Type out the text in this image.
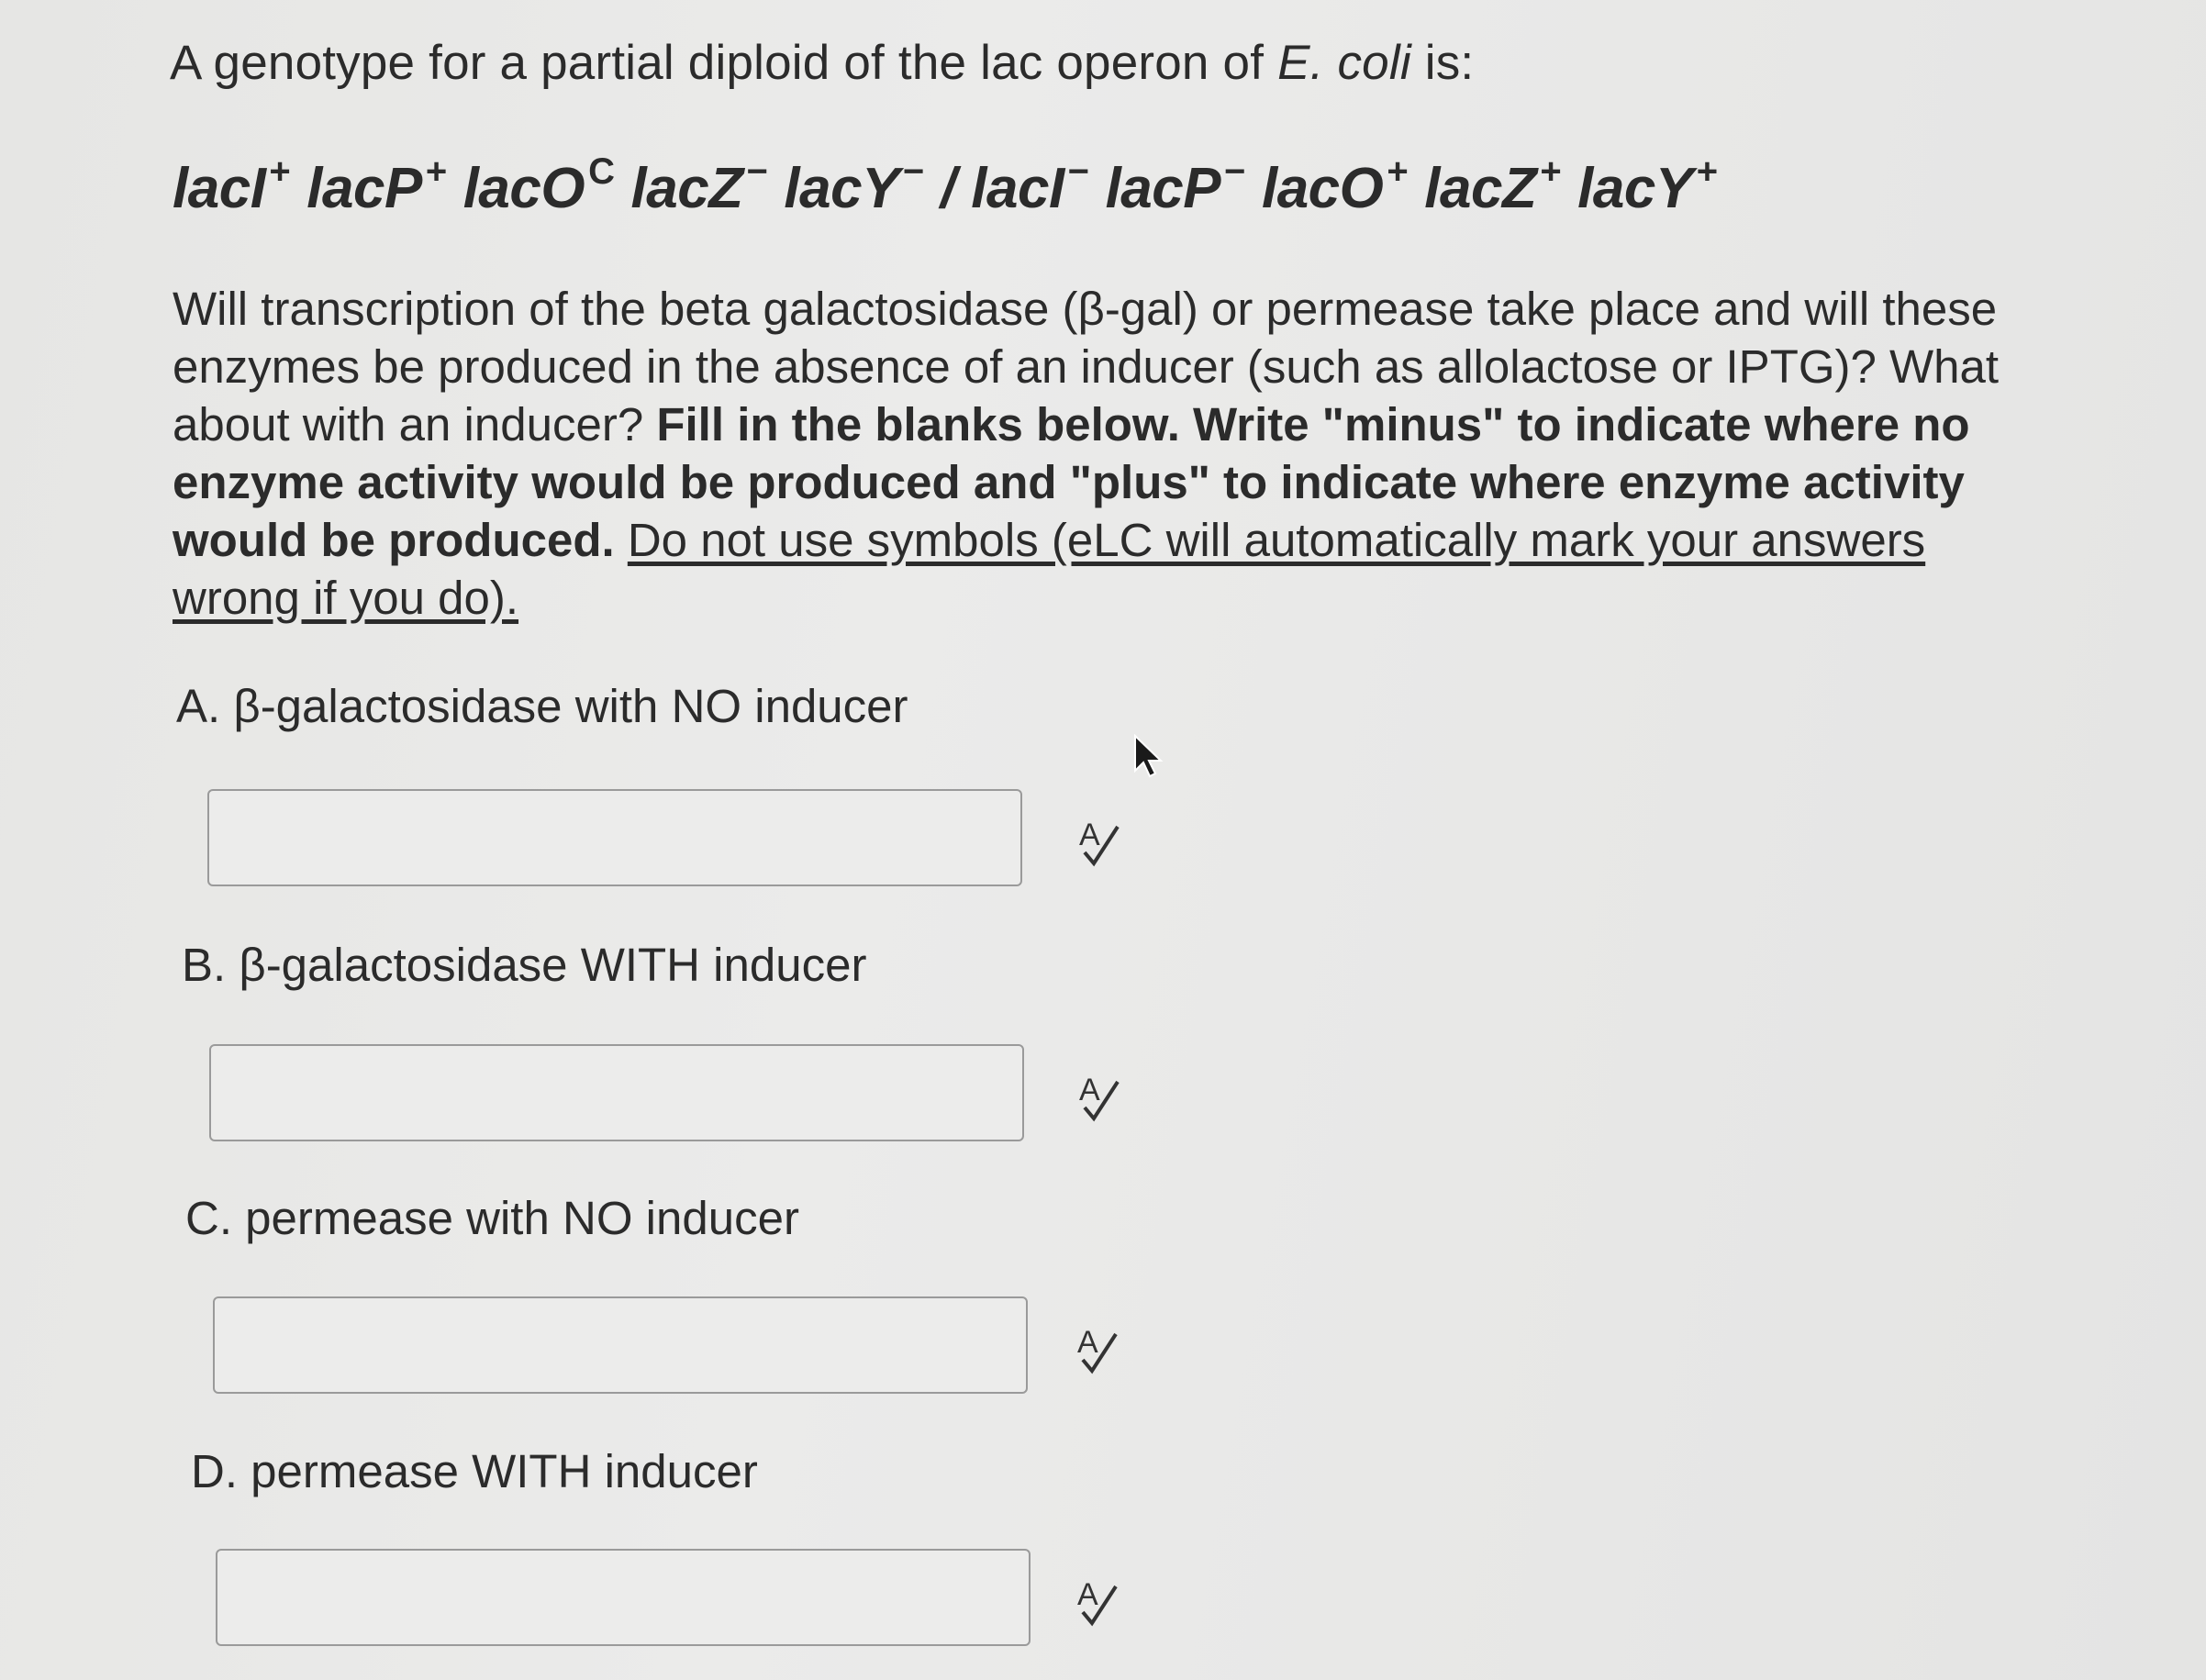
A genotype for a partial diploid of the lac operon of E. coli is:
lacI + lacP + lacO $^C$ lacZ − lacY − / lacI − lacP − lacO + lacZ + lacY +
Will transcription of the beta galactosidase (β-gal) or permease take place and will these enzymes be produced in the absence of an inducer (such as allolactose or IPTG)? What about with an inducer? Fill in the blanks below. Write "minus" to indicate where no enzyme activity would be produced and "plus" to indicate where enzyme activity would be produced. Do not use symbols (eLC will automatically mark your answers wrong if you do).
A. β-galactosidase with NO inducer
A
B. β-galactosidase WITH inducer
A
C. permease with NO inducer
A
D. permease WITH inducer
A
